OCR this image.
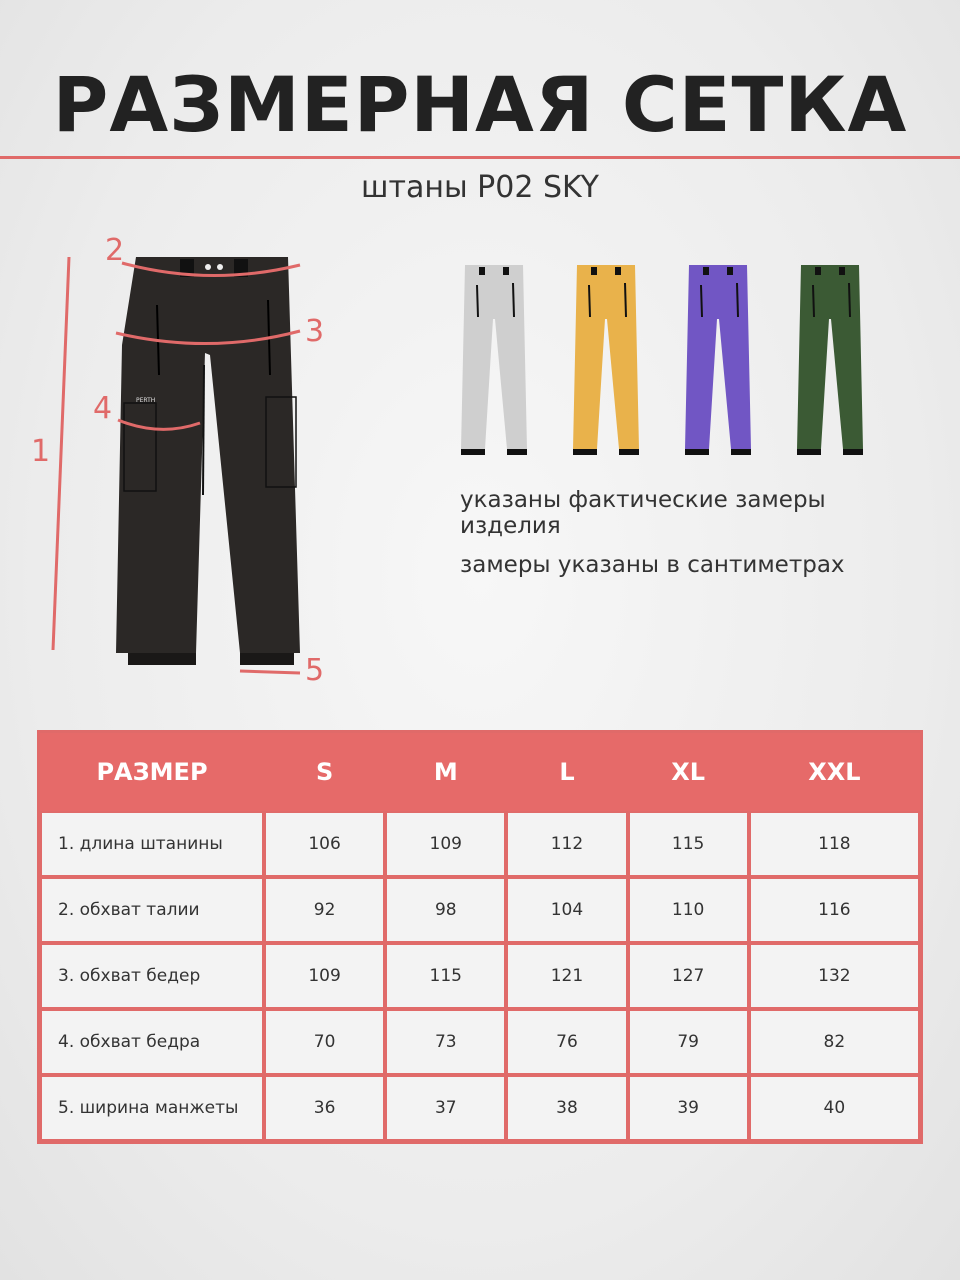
РАЗМЕРНАЯ СЕТКА
штаны P02 SKY
PERTH
1
2
3
4
5
указаны фактические замеры изделия
замеры указаны в сантиметрах
РАЗМЕР	S	M	L	XL	XXL
1. длина штанины	106	109	112	115	118
2. обхват талии	92	98	104	110	116
3. обхват бедер	109	115	121	127	132
4. обхват бедра	70	73	76	79	82
5. ширина манжеты	36	37	38	39	40
